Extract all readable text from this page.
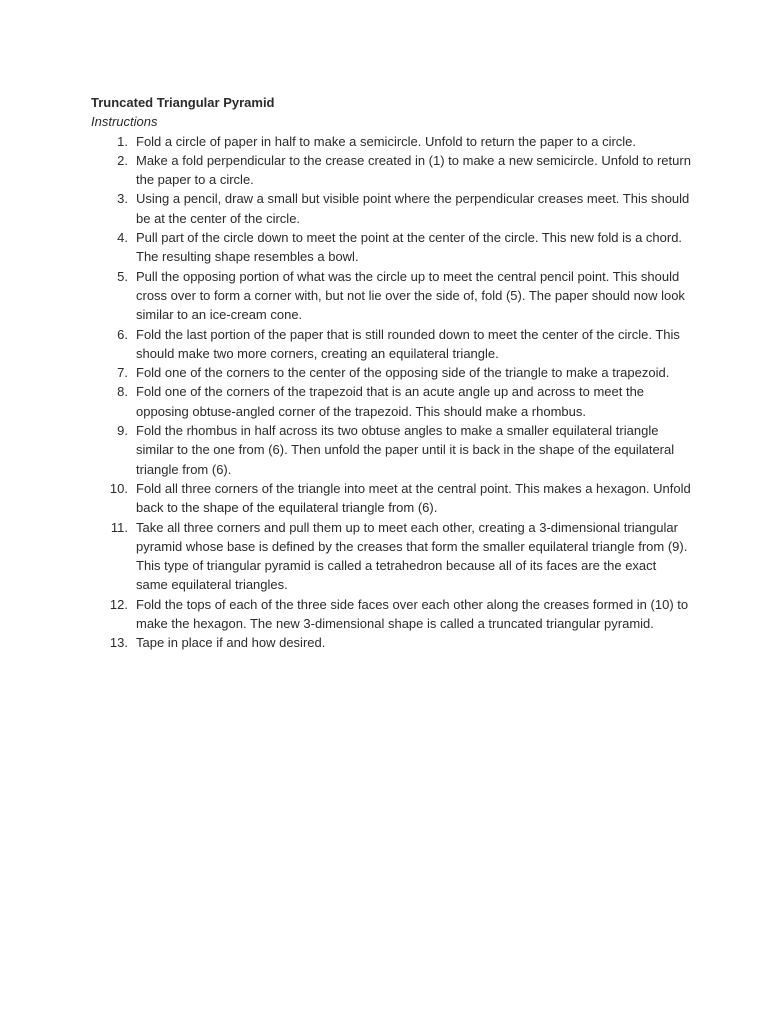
Truncated Triangular Pyramid

Instructions

1. Fold a circle of paper in half to make a semicircle. Unfold to return the paper to a circle.
2. Make a fold perpendicular to the crease created in (1) to make a new semicircle. Unfold to return the paper to a circle.
3. Using a pencil, draw a small but visible point where the perpendicular creases meet. This should be at the center of the circle.
4. Pull part of the circle down to meet the point at the center of the circle. This new fold is a chord. The resulting shape resembles a bowl.
5. Pull the opposing portion of what was the circle up to meet the central pencil point. This should cross over to form a corner with, but not lie over the side of, fold (5). The paper should now look similar to an ice-cream cone.
6. Fold the last portion of the paper that is still rounded down to meet the center of the circle. This should make two more corners, creating an equilateral triangle.
7. Fold one of the corners to the center of the opposing side of the triangle to make a trapezoid.
8. Fold one of the corners of the trapezoid that is an acute angle up and across to meet the opposing obtuse-angled corner of the trapezoid. This should make a rhombus.
9. Fold the rhombus in half across its two obtuse angles to make a smaller equilateral triangle similar to the one from (6). Then unfold the paper until it is back in the shape of the equilateral triangle from (6).
10. Fold all three corners of the triangle into meet at the central point. This makes a hexagon. Unfold back to the shape of the equilateral triangle from (6).
11. Take all three corners and pull them up to meet each other, creating a 3-dimensional triangular pyramid whose base is defined by the creases that form the smaller equilateral triangle from (9). This type of triangular pyramid is called a tetrahedron because all of its faces are the exact same equilateral triangles.
12. Fold the tops of each of the three side faces over each other along the creases formed in (10) to make the hexagon. The new 3-dimensional shape is called a truncated triangular pyramid.
13. Tape in place if and how desired.
